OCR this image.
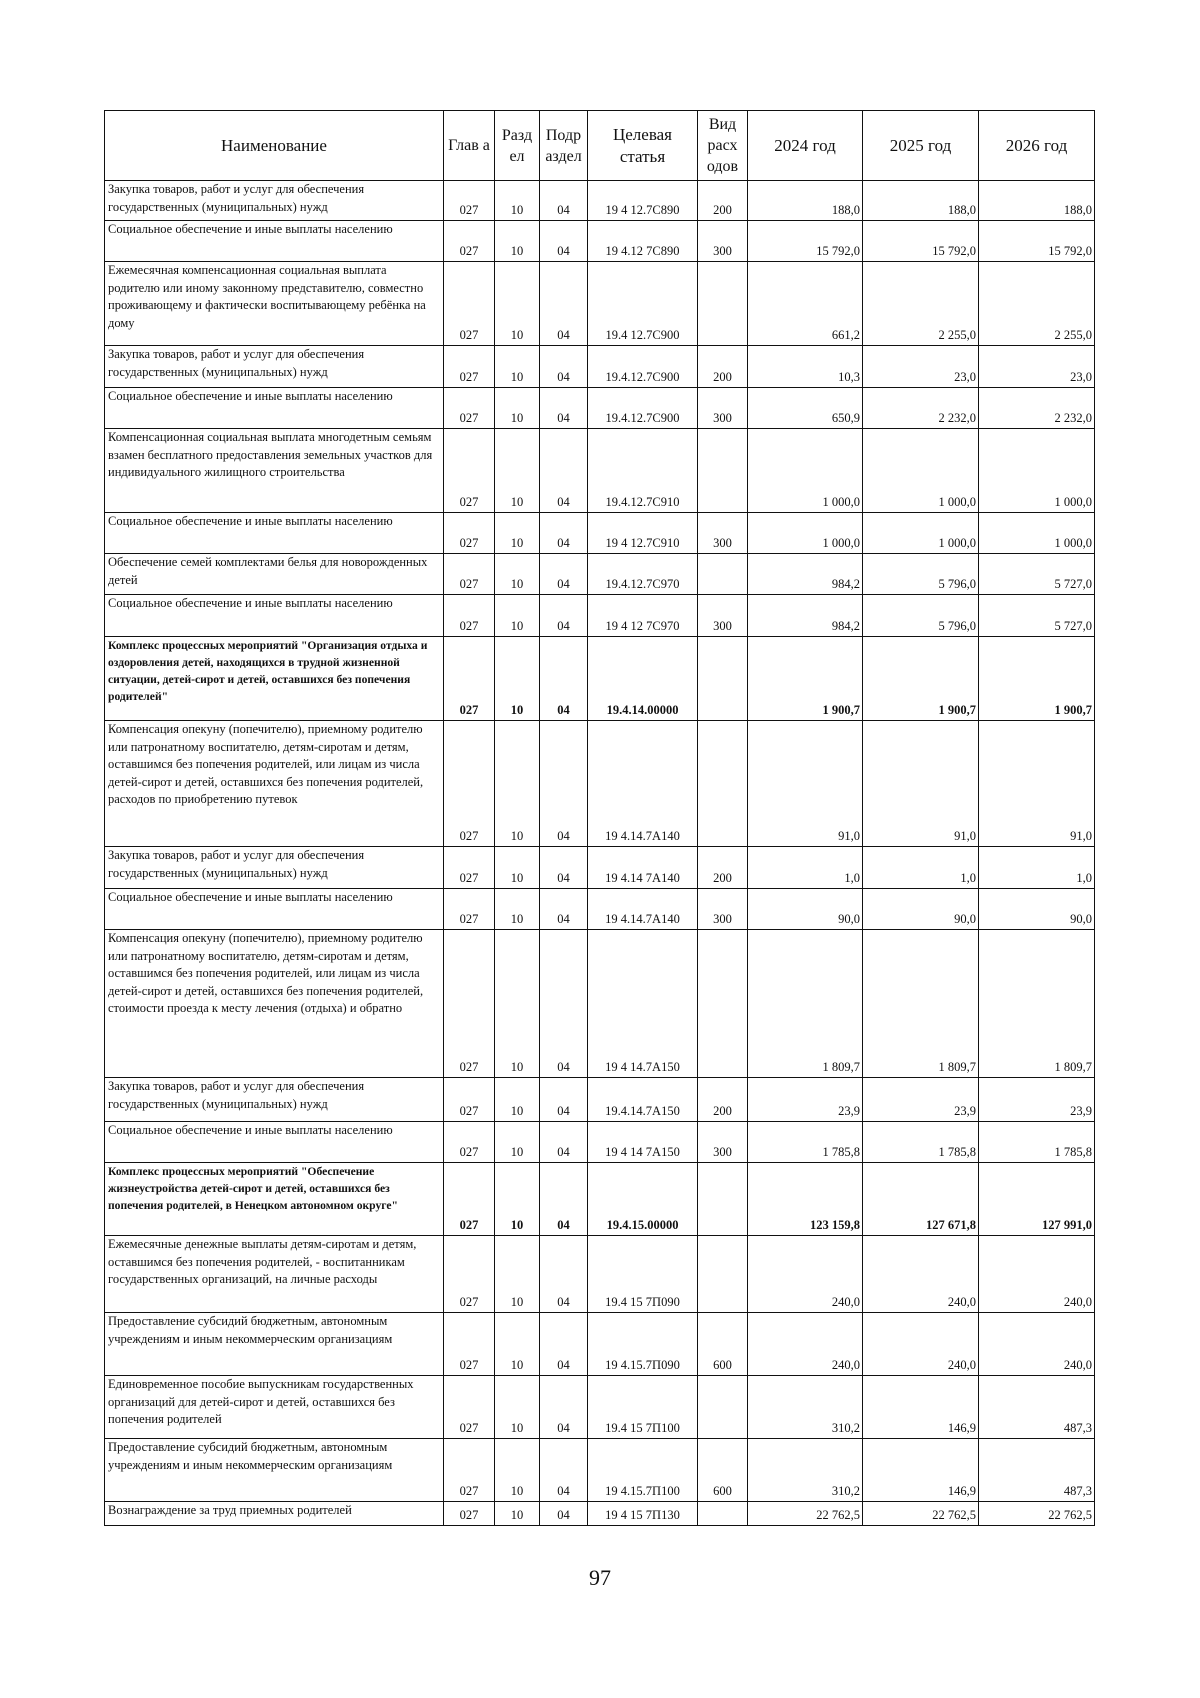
Наименование	Глав а	Разд ел	Подр аздел	Целевая статья	Вид расх одов	2024 год	2025 год	2026 год
Закупка товаров, работ и услуг для обеспечения государственных (муниципальных) нужд	027	10	04	19 4 12.7С890	200	188,0	188,0	188,0
Социальное обеспечение и иные выплаты населению	027	10	04	19 4.12 7С890	300	15 792,0	15 792,0	15 792,0
Ежемесячная компенсационная социальная выплата родителю или иному законному представителю, совместно проживающему и фактически воспитывающему ребёнка на дому	027	10	04	19.4 12.7С900		661,2	2 255,0	2 255,0
Закупка товаров, работ и услуг для обеспечения государственных (муниципальных) нужд	027	10	04	19.4.12.7С900	200	10,3	23,0	23,0
Социальное обеспечение и иные выплаты населению	027	10	04	19.4.12.7С900	300	650,9	2 232,0	2 232,0
Компенсационная социальная выплата многодетным семьям взамен бесплатного предоставления земельных участков для индивидуального жилищного строительства	027	10	04	19.4.12.7С910		1 000,0	1 000,0	1 000,0
Социальное обеспечение и иные выплаты населению	027	10	04	19 4 12.7С910	300	1 000,0	1 000,0	1 000,0
Обеспечение семей комплектами белья для новорожденных детей	027	10	04	19.4.12.7С970		984,2	5 796,0	5 727,0
Социальное обеспечение и иные выплаты населению	027	10	04	19 4 12 7С970	300	984,2	5 796,0	5 727,0
Комплекс процессных мероприятий "Организация отдыха и оздоровления детей, находящихся в трудной жизненной ситуации, детей-сирот и детей, оставшихся без попечения родителей"	027	10	04	19.4.14.00000		1 900,7	1 900,7	1 900,7
Компенсация опекуну (попечителю), приемному родителю или патронатному воспитателю, детям-сиротам и детям, оставшимся без попечения родителей, или лицам из числа детей-сирот и детей, оставшихся без попечения родителей, расходов по приобретению путевок	027	10	04	19 4.14.7А140		91,0	91,0	91,0
Закупка товаров, работ и услуг для обеспечения государственных (муниципальных) нужд	027	10	04	19 4.14 7А140	200	1,0	1,0	1,0
Социальное обеспечение и иные выплаты населению	027	10	04	19 4.14.7А140	300	90,0	90,0	90,0
Компенсация опекуну (попечителю), приемному родителю или патронатному воспитателю, детям-сиротам и детям, оставшимся без попечения родителей, или лицам из числа детей-сирот и детей, оставшихся без попечения родителей, стоимости проезда к месту лечения (отдыха) и обратно	027	10	04	19 4 14.7А150		1 809,7	1 809,7	1 809,7
Закупка товаров, работ и услуг для обеспечения государственных (муниципальных) нужд	027	10	04	19.4.14.7А150	200	23,9	23,9	23,9
Социальное обеспечение и иные выплаты населению	027	10	04	19 4 14 7А150	300	1 785,8	1 785,8	1 785,8
Комплекс процессных мероприятий "Обеспечение жизнеустройства детей-сирот и детей, оставшихся без попечения родителей, в Ненецком автономном округе"	027	10	04	19.4.15.00000		123 159,8	127 671,8	127 991,0
Ежемесячные денежные выплаты детям-сиротам и детям, оставшимся без попечения родителей, - воспитанникам государственных организаций, на личные расходы	027	10	04	19.4 15 7П090		240,0	240,0	240,0
Предоставление субсидий бюджетным, автономным учреждениям и иным некоммерческим организациям	027	10	04	19 4.15.7П090	600	240,0	240,0	240,0
Единовременное пособие выпускникам государственных организаций для детей-сирот и детей, оставшихся без попечения родителей	027	10	04	19.4 15 7П100		310,2	146,9	487,3
Предоставление субсидий бюджетным, автономным учреждениям и иным некоммерческим организациям	027	10	04	19 4.15.7П100	600	310,2	146,9	487,3
Вознаграждение за труд приемных родителей	027	10	04	19 4 15 7П130		22 762,5	22 762,5	22 762,5
97
